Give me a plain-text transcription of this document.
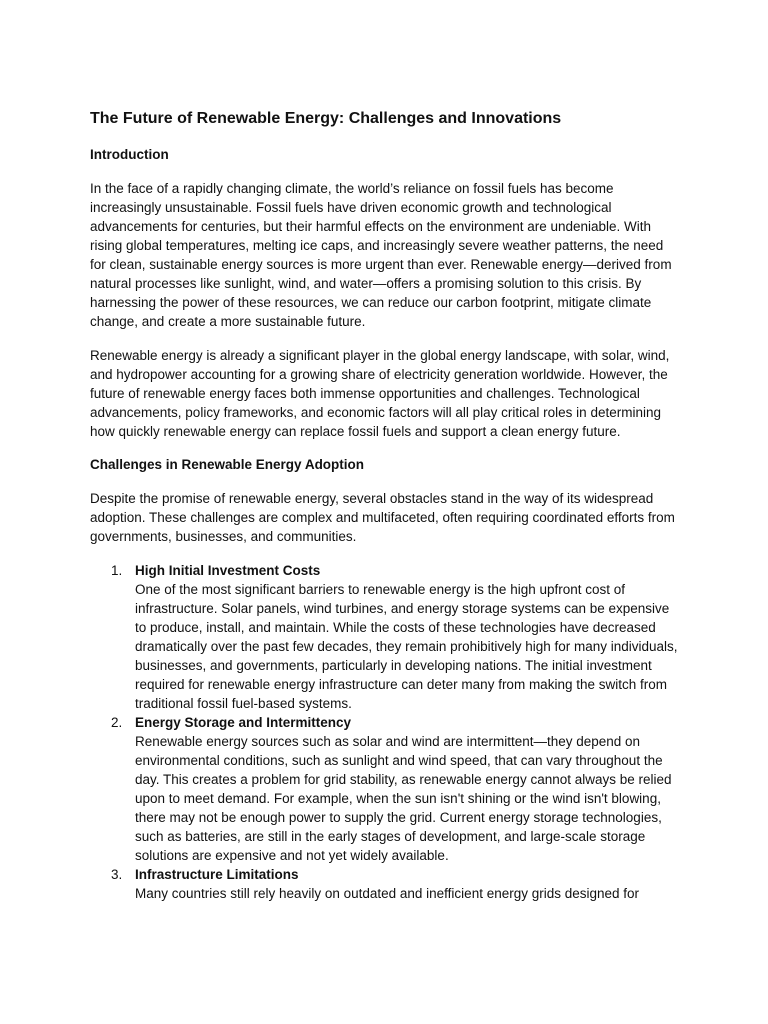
The Future of Renewable Energy: Challenges and Innovations
Introduction

In the face of a rapidly changing climate, the world’s reliance on fossil fuels has become increasingly unsustainable. Fossil fuels have driven economic growth and technological advancements for centuries, but their harmful effects on the environment are undeniable. With rising global temperatures, melting ice caps, and increasingly severe weather patterns, the need for clean, sustainable energy sources is more urgent than ever. Renewable energy—derived from natural processes like sunlight, wind, and water—offers a promising solution to this crisis. By harnessing the power of these resources, we can reduce our carbon footprint, mitigate climate change, and create a more sustainable future.

Renewable energy is already a significant player in the global energy landscape, with solar, wind, and hydropower accounting for a growing share of electricity generation worldwide. However, the future of renewable energy faces both immense opportunities and challenges. Technological advancements, policy frameworks, and economic factors will all play critical roles in determining how quickly renewable energy can replace fossil fuels and support a clean energy future.

Challenges in Renewable Energy Adoption

Despite the promise of renewable energy, several obstacles stand in the way of its widespread adoption. These challenges are complex and multifaceted, often requiring coordinated efforts from governments, businesses, and communities.

1. High Initial Investment Costs
One of the most significant barriers to renewable energy is the high upfront cost of infrastructure. Solar panels, wind turbines, and energy storage systems can be expensive to produce, install, and maintain. While the costs of these technologies have decreased dramatically over the past few decades, they remain prohibitively high for many individuals, businesses, and governments, particularly in developing nations. The initial investment required for renewable energy infrastructure can deter many from making the switch from traditional fossil fuel-based systems.
2. Energy Storage and Intermittency
Renewable energy sources such as solar and wind are intermittent—they depend on environmental conditions, such as sunlight and wind speed, that can vary throughout the day. This creates a problem for grid stability, as renewable energy cannot always be relied upon to meet demand. For example, when the sun isn't shining or the wind isn't blowing, there may not be enough power to supply the grid. Current energy storage technologies, such as batteries, are still in the early stages of development, and large-scale storage solutions are expensive and not yet widely available.
3. Infrastructure Limitations
Many countries still rely heavily on outdated and inefficient energy grids designed for
